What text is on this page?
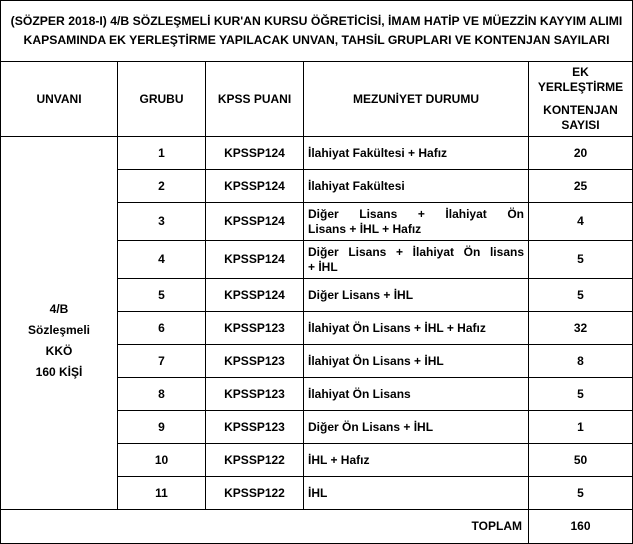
(SÖZPER 2018-I) 4/B SÖZLEŞMELİ KUR'AN KURSU ÖĞRETİCİSİ, İMAM HATİP VE MÜEZZİN KAYYIM ALIMI KAPSAMINDA EK YERLEŞTİRME YAPILACAK UNVAN, TAHSİL GRUPLARI VE KONTENJAN SAYILARI				
UNVANI	GRUBU	KPSS PUANI	MEZUNİYET DURUMU	EK YERLEŞTİRME
KONTENJAN SAYISI

4/B
Sözleşmeli
KKÖ
160 KİŞİ	1	KPSSP124	İlahiyat Fakültesi + Hafız	20
	2	KPSSP124	İlahiyat Fakültesi	25
	3	KPSSP124	Diğer Lisans + İlahiyat Ön
Lisans + İHL + Hafız	4
	4	KPSSP124	Diğer Lisans + İlahiyat Ön lisans
+ İHL	5
	5	KPSSP124	Diğer Lisans + İHL	5
	6	KPSSP123	İlahiyat Ön Lisans + İHL + Hafız	32
	7	KPSSP123	İlahiyat Ön Lisans + İHL	8
	8	KPSSP123	İlahiyat Ön Lisans	5
	9	KPSSP123	Diğer Ön Lisans + İHL	1
	10	KPSSP122	İHL + Hafız	50
	11	KPSSP122	İHL	5
TOPLAM				160
